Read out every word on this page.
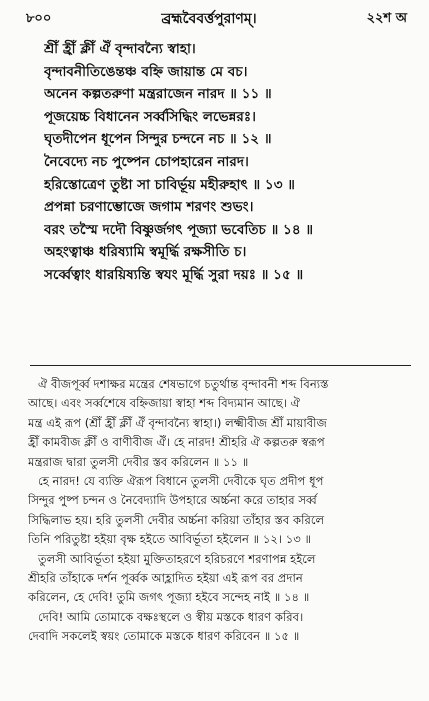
৮০০	ব্রহ্মবৈবর্ত্তপুরাণম্।	২২শ অ
শ্রীঁ হ্রীঁ ক্লীঁ ঐঁ বৃন্দাবন্যৈ স্বাহা।
বৃন্দাবনীতিঙেন্তঞ্চ বহ্নি জায়ান্ত মে বচ।
অনেন কল্পতরুণা মন্ত্ররাজেন নারদ ॥ ১১ ॥
পূজয়েচ্চ বিধানেন সর্ব্বসিদ্ধিং লভেন্নরঃ।
ঘৃতদীপেন ধূপেন সিন্দুর চন্দনে নচ ॥ ১২ ॥
নৈবেদ্যে নচ পুষ্পেন চোপহারেন নারদ।
হরিস্তোত্রেণ তুষ্টা সা চাবির্ভূয় মহীরুহাৎ ॥ ১৩ ॥
প্রপন্না চরণাম্ভোজে জগাম শরণং শুভং।
বরং তস্মৈ দদৌ বিষ্ণুর্জগৎ পূজ্যা ভবেতিচ ॥ ১৪ ॥
অহংত্বাঞ্চ ধরিষ্যামি স্বমূর্দ্ধি রক্ষসীতি চ।
সর্ব্বেত্বাং ধারয়িষ্যন্তি স্বযং মূর্দ্ধি সুরা দয়ঃ ॥ ১৫ ॥
ঐ বীজপূর্ব্ব দশাক্ষর মন্ত্রের শেষভাগে চতুর্থান্ত বৃন্দাবনী শব্দ বিন্যস্ত
আছে। এবং সর্ব্বশেষে বহ্নিজায়া স্বাহা শব্দ বিদ্যমান আছে। ঐ
মন্ত্র এই রূপ (শ্রীঁ হ্রীঁ ক্লীঁ ঐঁ বৃন্দাবন্যৈ স্বাহা।) লক্ষ্মীবীজ শ্রীঁ মায়াবীজ
হ্রীঁ কামবীজ ক্লীঁ ও বাণীবীজ ঐঁ। হে নারদ! শ্রীহরি ঐ কল্পতরু স্বরূপ
মন্ত্ররাজ দ্বারা তুলসী দেবীর স্তব করিলেন ॥ ১১ ॥
হে নারদ! যে ব্যক্তি ঐরূপ বিধানে তুলসী দেবীকে ঘৃত প্রদীপ ধূপ
সিন্দুর পুষ্প চন্দন ও নৈবেদ্যাদি উপহারে অর্চ্চনা করে তাহার সর্ব্ব
সিদ্ধিলাভ হয়। হরি তুলসী দেবীর অর্চ্চনা করিয়া তাঁহার স্তব করিলে
তিনি পরিতুষ্টা হইয়া বৃক্ষ হইতে আবির্ভূতা হইলেন ॥ ১২। ১৩ ॥
তুলসী আবির্ভূতা হইয়া মুক্তিতাহরণে হরিচরণে শরণাপন্ন হইলে
শ্রীহরি তাঁহাকে দর্শন পূর্ব্বক আহ্লাদিত হইয়া এই রূপ বর প্রদান
করিলেন, হে দেবি! তুমি জগৎ পূজ্যা হইবে সন্দেহ নাই ॥ ১৪ ॥
দেবি! আমি তোমাকে বক্ষঃস্থলে ও স্বীয় মস্তকে ধারণ করিব।
দেবাদি সকলেই স্বয়ং তোমাকে মস্তকে ধারণ করিবেন ॥ ১৫ ॥
